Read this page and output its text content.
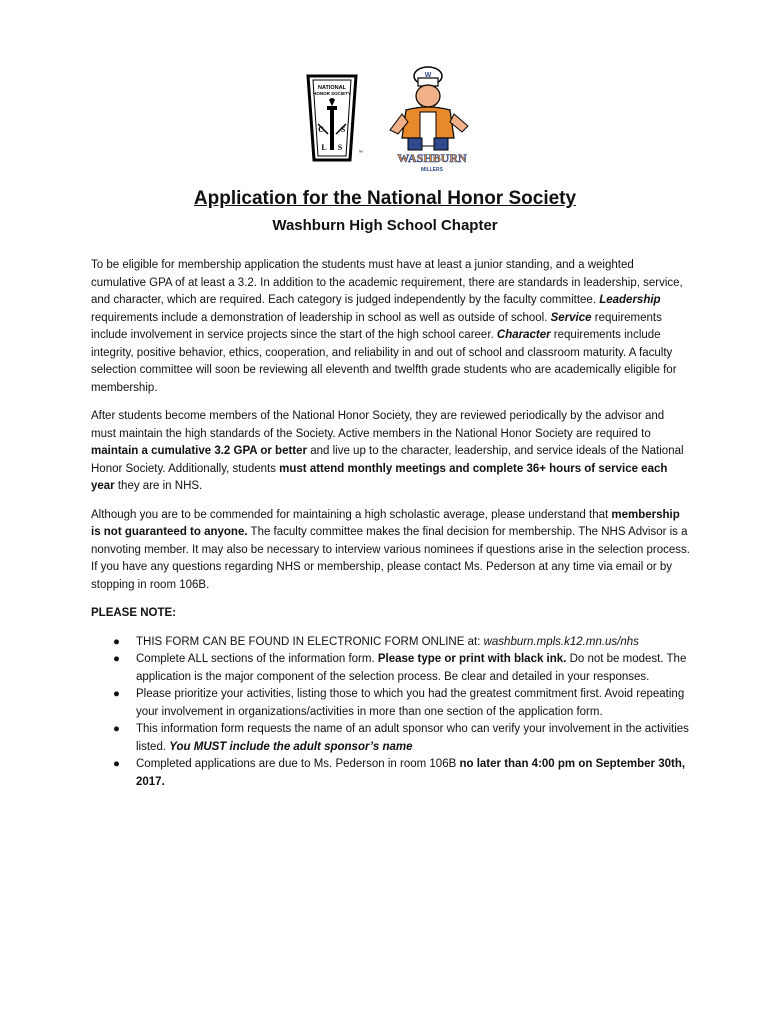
NATIONAL
HONOR SOCIETY
C S
L S
™
W
WASHBURN
MILLERS
Application for the National Honor Society
Washburn High School Chapter

To be eligible for membership application the students must have at least a junior standing, and a weighted cumulative GPA of at least a 3.2. In addition to the academic requirement, there are standards in leadership, service, and character, which are required. Each category is judged independently by the faculty committee. Leadership requirements include a demonstration of leadership in school as well as outside of school. Service requirements include involvement in service projects since the start of the high school career. Character requirements include integrity, positive behavior, ethics, cooperation, and reliability in and out of school and classroom maturity. A faculty selection committee will soon be reviewing all eleventh and twelfth grade students who are academically eligible for membership.

After students become members of the National Honor Society, they are reviewed periodically by the advisor and must maintain the high standards of the Society. Active members in the National Honor Society are required to maintain a cumulative 3.2 GPA or better and live up to the character, leadership, and service ideals of the National Honor Society. Additionally, students must attend monthly meetings and complete 36+ hours of service each year they are in NHS.

Although you are to be commended for maintaining a high scholastic average, please understand that membership is not guaranteed to anyone. The faculty committee makes the final decision for membership. The NHS Advisor is a nonvoting member. It may also be necessary to interview various nominees if questions arise in the selection process. If you have any questions regarding NHS or membership, please contact Ms. Pederson at any time via email or by stopping in room 106B.

PLEASE NOTE:

● THIS FORM CAN BE FOUND IN ELECTRONIC FORM ONLINE at: washburn.mpls.k12.mn.us/nhs
● Complete ALL sections of the information form. Please type or print with black ink. Do not be modest. The application is the major component of the selection process. Be clear and detailed in your responses.
● Please prioritize your activities, listing those to which you had the greatest commitment first. Avoid repeating your involvement in organizations/activities in more than one section of the application form.
● This information form requests the name of an adult sponsor who can verify your involvement in the activities listed. You MUST include the adult sponsor’s name
● Completed applications are due to Ms. Pederson in room 106B no later than 4:00 pm on September 30th, 2017.
